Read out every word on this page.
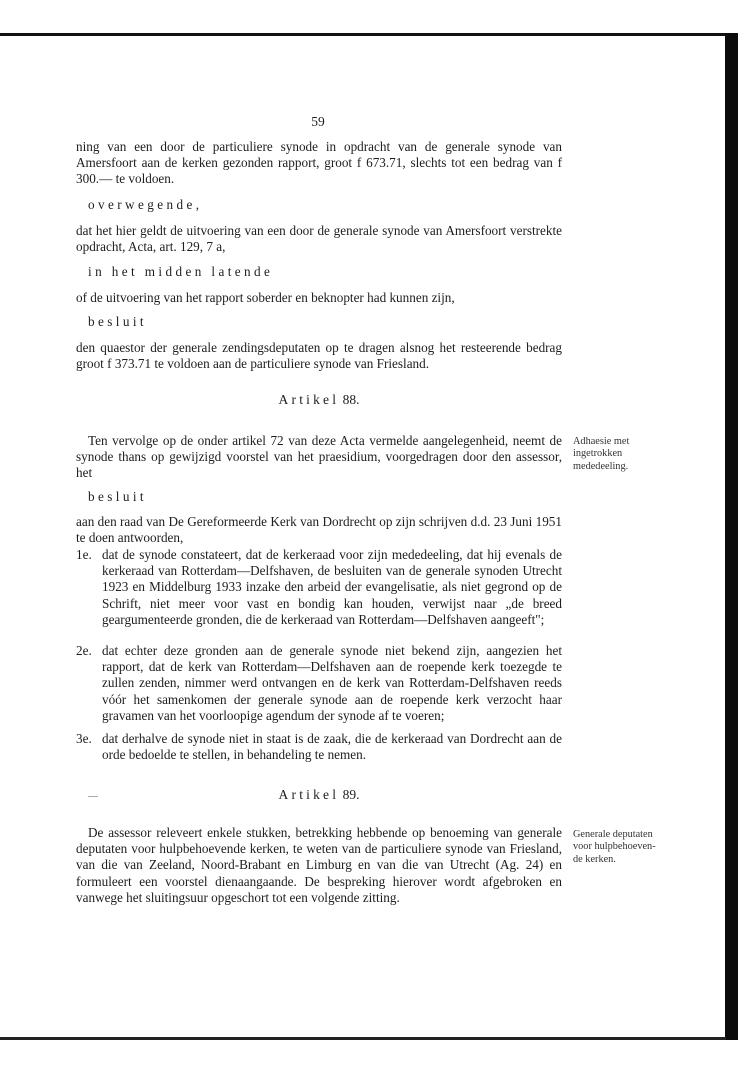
59
ning van een door de particuliere synode in opdracht van de generale synode van Amersfoort aan de kerken gezonden rapport, groot f 673.71, slechts tot een bedrag van f 300.— te voldoen.
overwegende,
dat het hier geldt de uitvoering van een door de generale synode van Amersfoort verstrekte opdracht, Acta, art. 129, 7 a,
in het midden latende
of de uitvoering van het rapport soberder en beknopter had kunnen zijn,
besluit
den quaestor der generale zendingsdeputaten op te dragen alsnog het resteerende bedrag groot f 373.71 te voldoen aan de particuliere synode van Friesland.
Artikel 88.
Ten vervolge op de onder artikel 72 van deze Acta vermelde aangelegenheid, neemt de synode thans op gewijzigd voorstel van het praesidium, voorgedragen door den assessor, het
Adhaesie met
ingetrokken
mededeeling.
besluit
aan den raad van De Gereformeerde Kerk van Dordrecht op zijn schrijven d.d. 23 Juni 1951 te doen antwoorden,
1e. dat de synode constateert, dat de kerkeraad voor zijn mededeeling, dat hij evenals de kerkeraad van Rotterdam—Delfshaven, de besluiten van de generale synoden Utrecht 1923 en Middelburg 1933 inzake den arbeid der evangelisatie, als niet gegrond op de Schrift, niet meer voor vast en bondig kan houden, verwijst naar „de breed geargumenteerde gronden, die de kerkeraad van Rotterdam—Delfshaven aangeeft";
2e. dat echter deze gronden aan de generale synode niet bekend zijn, aangezien het rapport, dat de kerk van Rotterdam—Delfshaven aan de roepende kerk toezegde te zullen zenden, nimmer werd ontvangen en de kerk van Rotterdam-Delfshaven reeds vóór het samenkomen der generale synode aan de roepende kerk verzocht haar gravamen van het voorloopige agendum der synode af te voeren;
3e. dat derhalve de synode niet in staat is de zaak, die de kerkeraad van Dordrecht aan de orde bedoelde te stellen, in behandeling te nemen.
Artikel 89.
De assessor releveert enkele stukken, betrekking hebbende op benoeming van generale deputaten voor hulpbehoevende kerken, te weten van de particuliere synode van Friesland, van die van Zeeland, Noord-Brabant en Limburg en van die van Utrecht (Ag. 24) en formuleert een voorstel dienaangaande. De bespreking hierover wordt afgebroken en vanwege het sluitingsuur opgeschort tot een volgende zitting.
Generale deputaten
voor hulpbehoeven-
de kerken.
